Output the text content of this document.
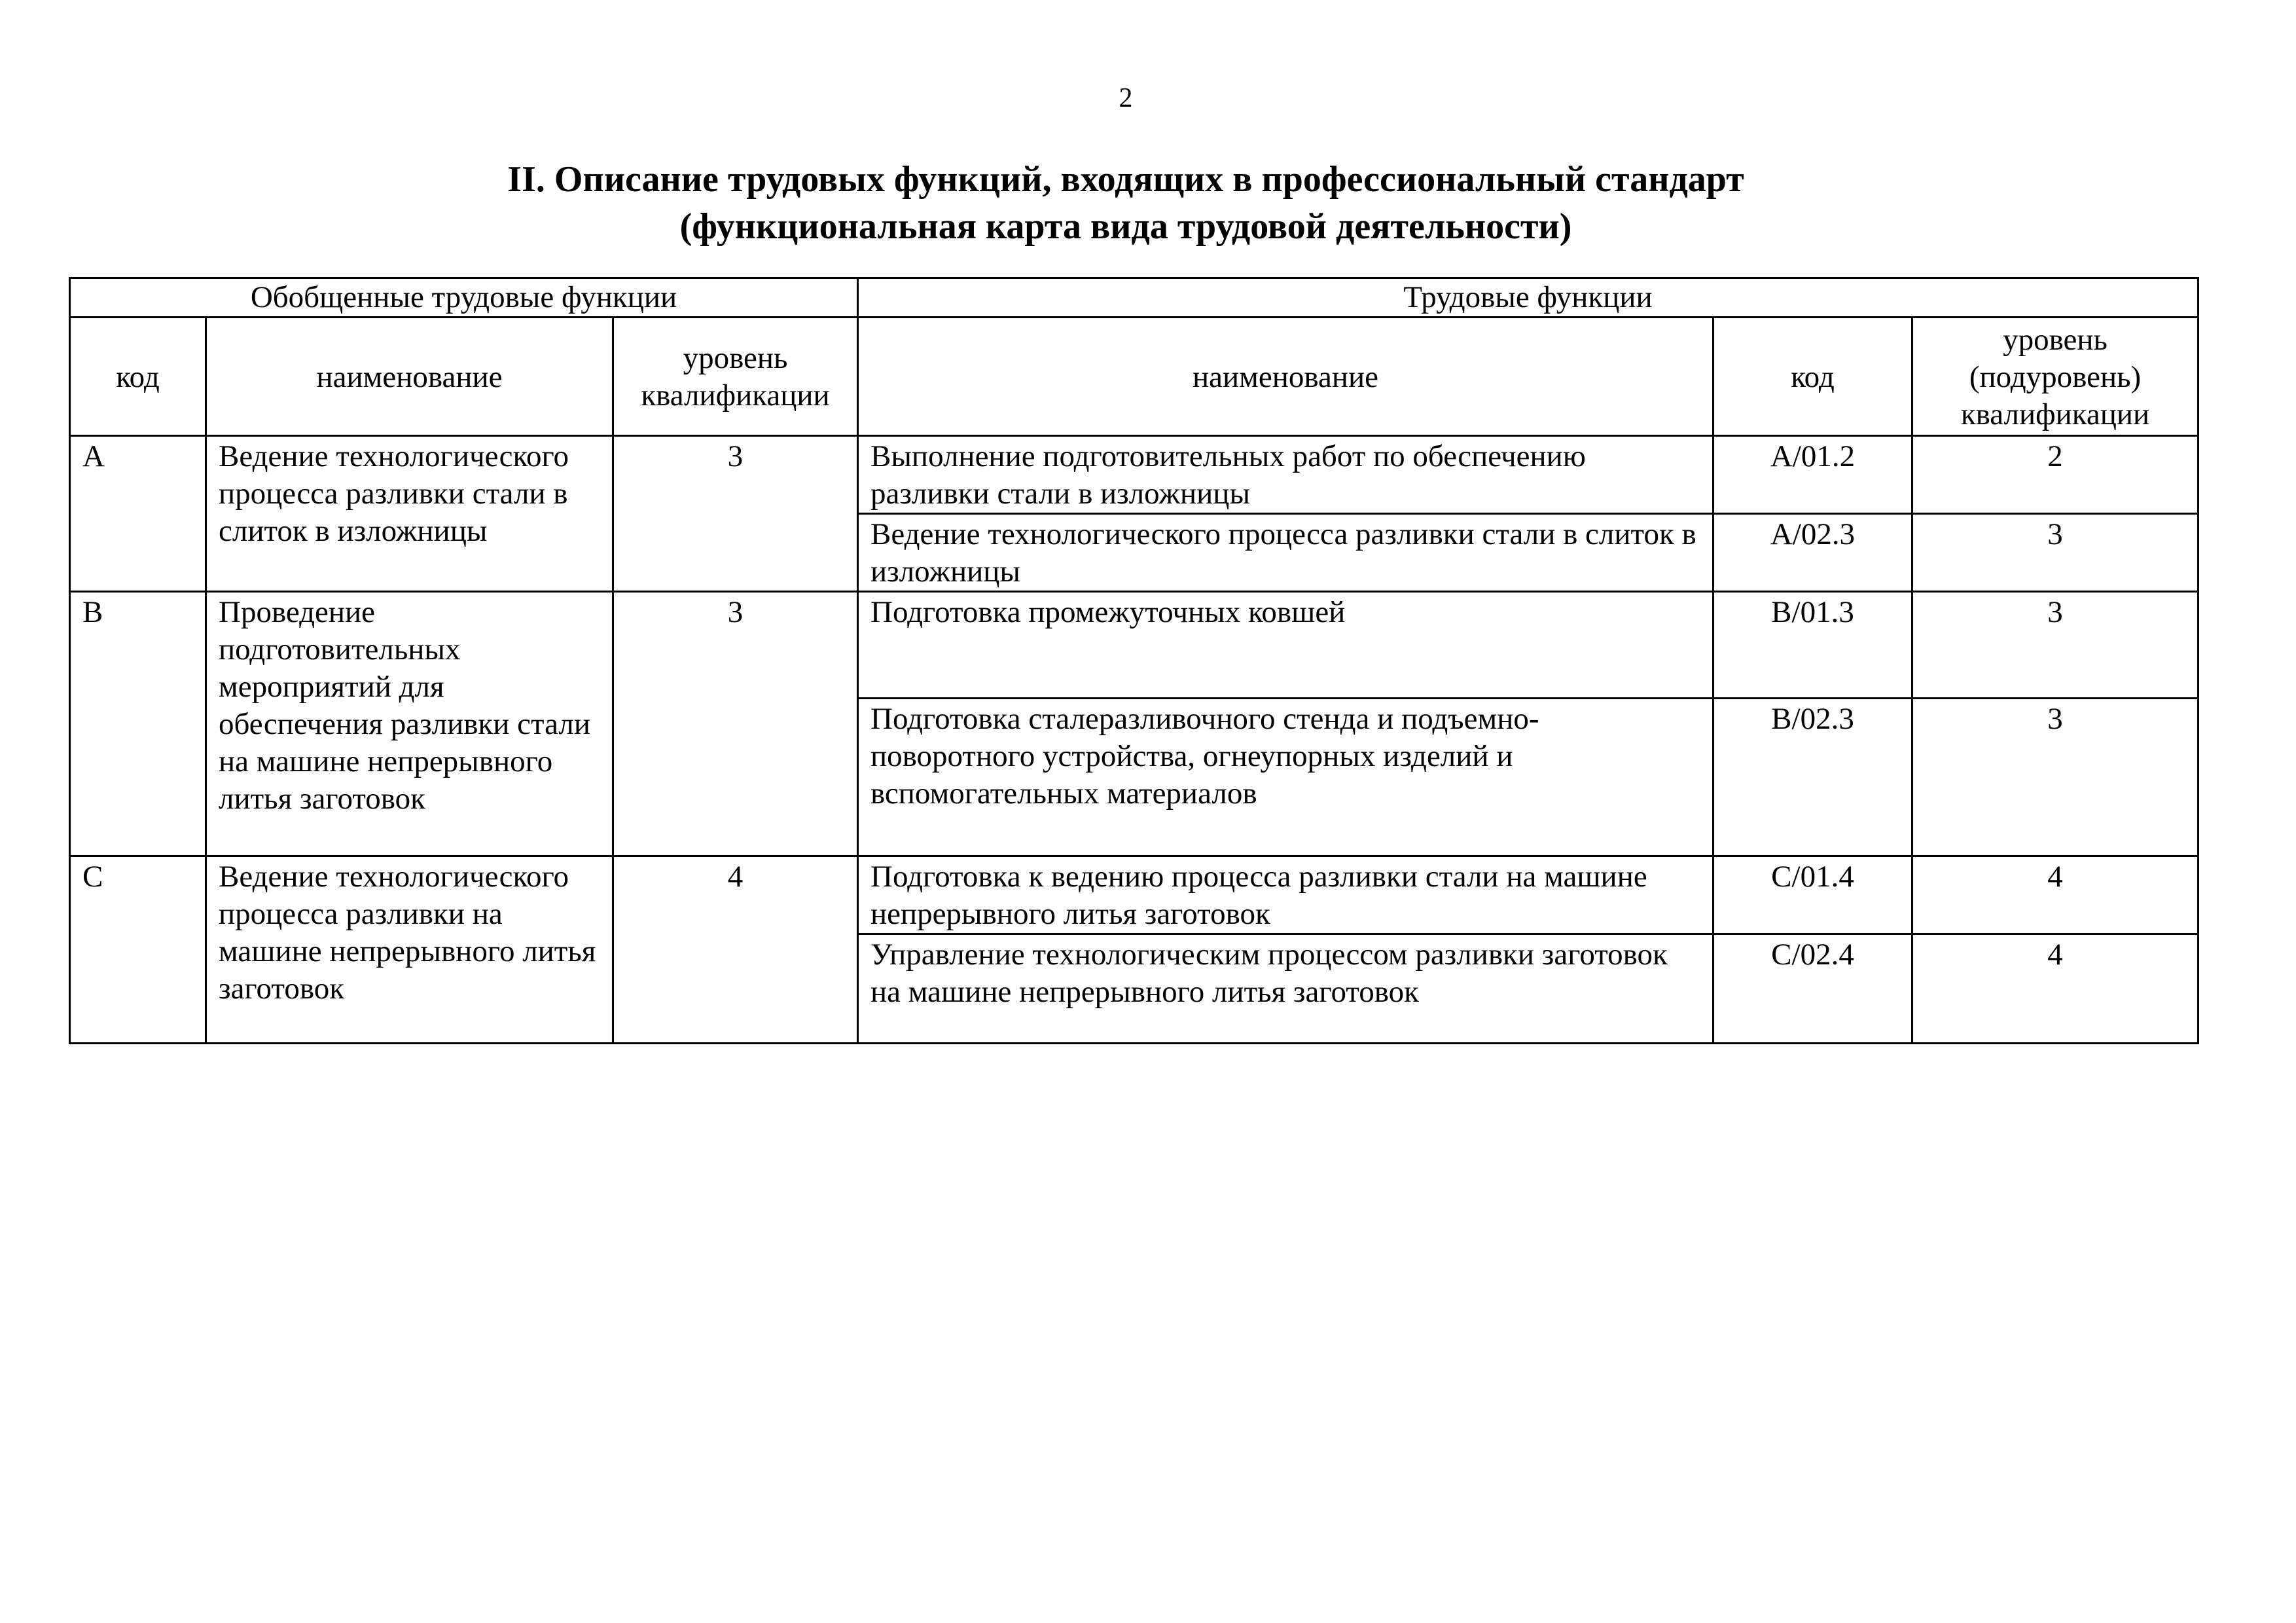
2
II. Описание трудовых функций, входящих в профессиональный стандарт
(функциональная карта вида трудовой деятельности)
Обобщенные трудовые функции			Трудовые функции		
код	наименование	уровень квалификации	наименование	код	уровень (подуровень) квалификации
A	Ведение технологического процесса разливки стали в слиток в изложницы	3	Выполнение подготовительных работ по обеспечению разливки стали в изложницы	A/01.2	2
			Ведение технологического процесса разливки стали в слиток в изложницы	A/02.3	3
B	Проведение подготовительных мероприятий для обеспечения разливки стали на машине непрерывного литья заготовок	3	Подготовка промежуточных ковшей	B/01.3	3
			Подготовка сталеразливочного стенда и подъемно-поворотного устройства, огнеупорных изделий и вспомогательных материалов	B/02.3	3
C	Ведение технологического процесса разливки на машине непрерывного литья заготовок	4	Подготовка к ведению процесса разливки стали на машине непрерывного литья заготовок	C/01.4	4
			Управление технологическим процессом разливки заготовок на машине непрерывного литья заготовок	C/02.4	4
